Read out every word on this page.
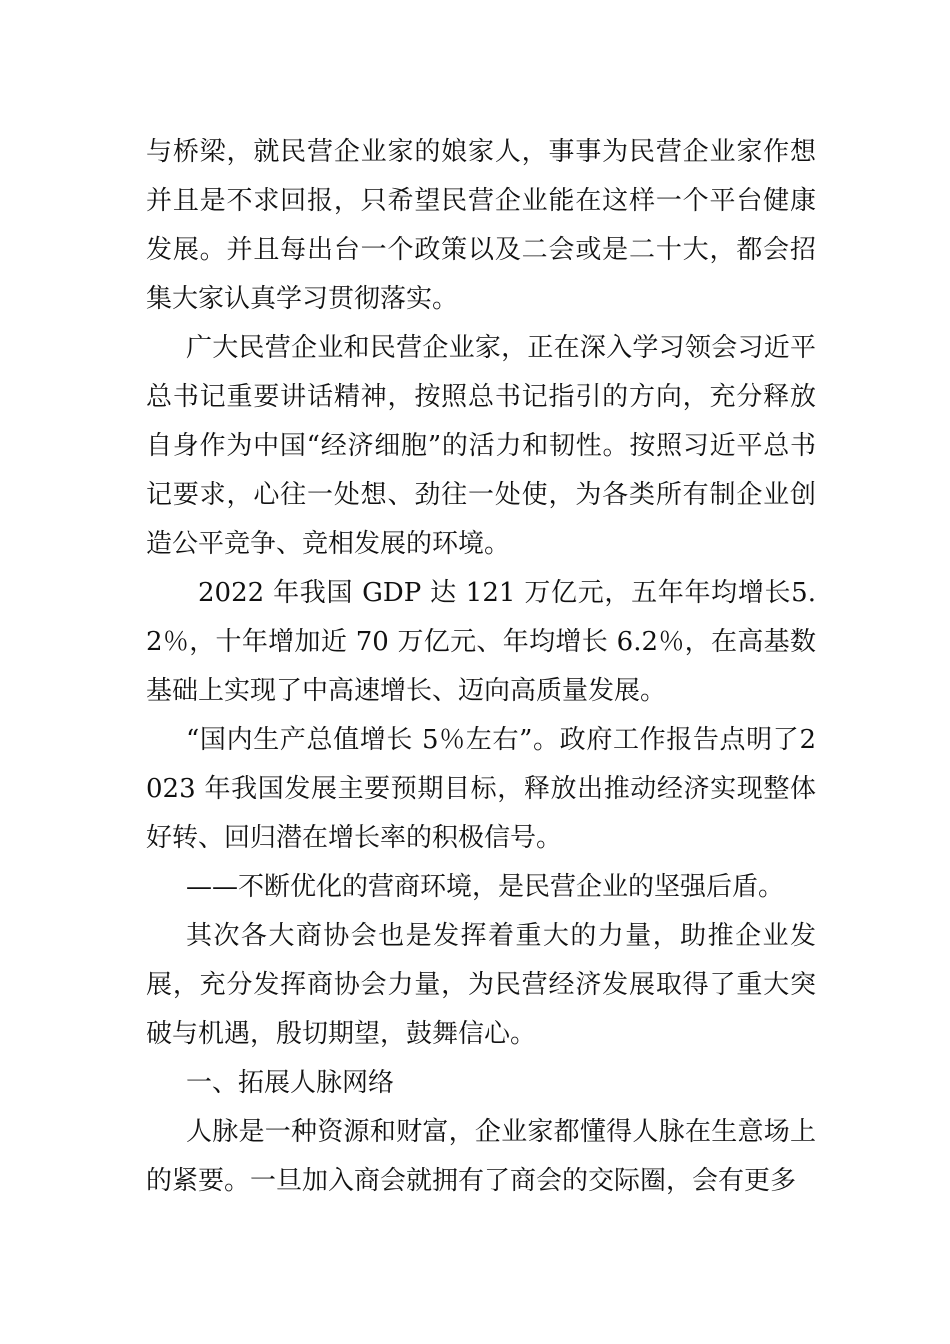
与桥梁，就民营企业家的娘家人，事事为民营企业家作想并且是不求回报，只希望民营企业能在这样一个平台健康发展。并且每出台一个政策以及二会或是二十大，都会招集大家认真学习贯彻落实。

广大民营企业和民营企业家，正在深入学习领会习近平总书记重要讲话精神，按照总书记指引的方向，充分释放自身作为中国“经济细胞”的活力和韧性。按照习近平总书记要求，心往一处想、劲往一处使，为各类所有制企业创造公平竞争、竞相发展的环境。

2022 年我国 GDP 达 121 万亿元，五年年均增长5.2％，十年增加近 70 万亿元、年均增长 6.2％，在高基数基础上实现了中高速增长、迈向高质量发展。

“国内生产总值增长 5％左右”。政府工作报告点明了2023 年我国发展主要预期目标，释放出推动经济实现整体好转、回归潜在增长率的积极信号。

——不断优化的营商环境，是民营企业的坚强后盾。

其次各大商协会也是发挥着重大的力量，助推企业发展，充分发挥商协会力量，为民营经济发展取得了重大突破与机遇，殷切期望，鼓舞信心。

一、拓展人脉网络

人脉是一种资源和财富，企业家都懂得人脉在生意场上的紧要。一旦加入商会就拥有了商会的交际圈，会有更多
